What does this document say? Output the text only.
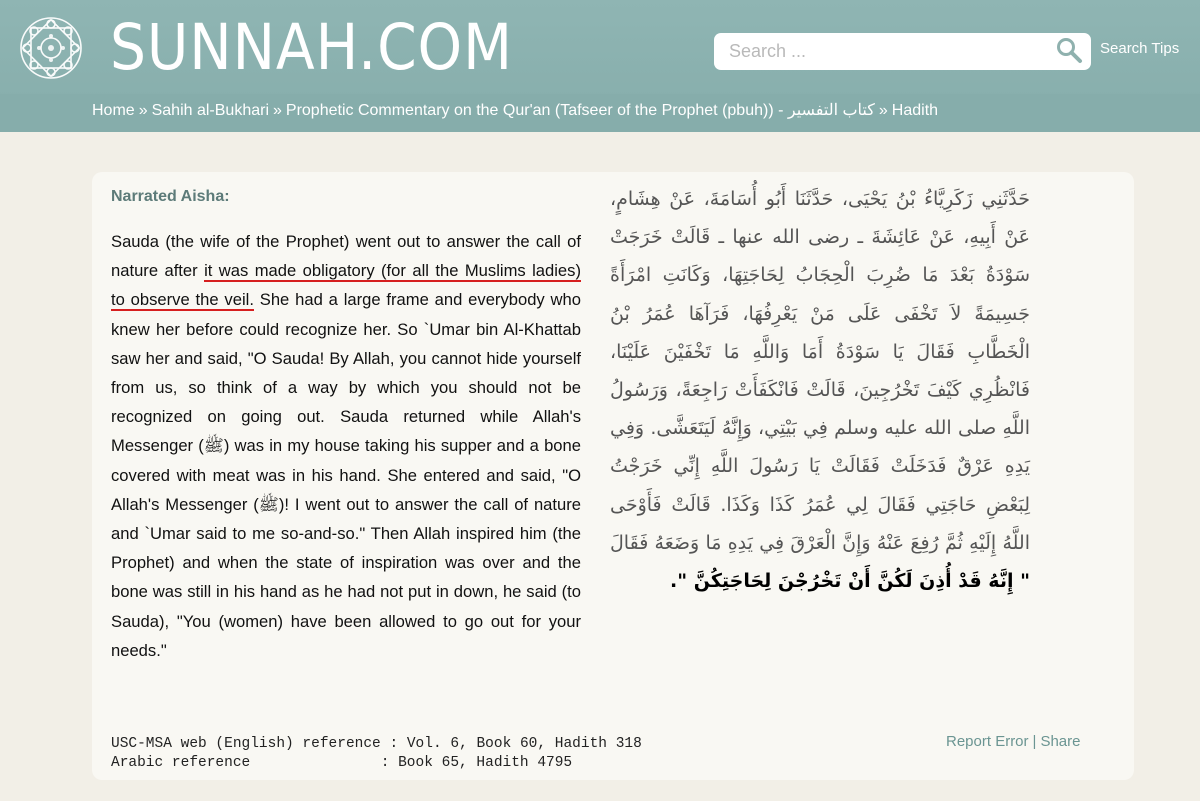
SUNNAH.COM
Search ...	Search Tips
Home » Sahih al-Bukhari » Prophetic Commentary on the Qur'an (Tafseer of the Prophet (pbuh)) - كتاب التفسير » Hadith
Narrated Aisha:
Sauda (the wife of the Prophet) went out to answer the call of nature after it was made obligatory (for all the Muslims ladies) to observe the veil. She had a large frame and everybody who knew her before could recognize her. So `Umar bin Al-Khattab saw her and said, "O Sauda! By Allah, you cannot hide yourself from us, so think of a way by which you should not be recognized on going out. Sauda returned while Allah's Messenger (ﷺ) was in my house taking his supper and a bone covered with meat was in his hand. She entered and said, "O Allah's Messenger (ﷺ)! I went out to answer the call of nature and `Umar said to me so-and-so." Then Allah inspired him (the Prophet) and when the state of inspiration was over and the bone was still in his hand as he had not put in down, he said (to Sauda), "You (women) have been allowed to go out for your needs."
حَدَّثَنِي زَكَرِيَّاءُ بْنُ يَحْيَى، حَدَّثَنَا أَبُو أُسَامَةَ، عَنْ هِشَامٍ، عَنْ أَبِيهِ، عَنْ عَائِشَةَ ـ رضى الله عنها ـ قَالَتْ خَرَجَتْ سَوْدَةُ بَعْدَ مَا ضُرِبَ الْحِجَابُ لِحَاجَتِهَا، وَكَانَتِ امْرَأَةً جَسِيمَةً لاَ تَخْفَى عَلَى مَنْ يَعْرِفُهَا، فَرَآهَا عُمَرُ بْنُ الْخَطَّابِ فَقَالَ يَا سَوْدَةُ أَمَا وَاللَّهِ مَا تَخْفَيْنَ عَلَيْنَا، فَانْظُرِي كَيْفَ تَخْرُجِينَ، قَالَتْ فَانْكَفَأَتْ رَاجِعَةً، وَرَسُولُ اللَّهِ صلى الله عليه وسلم فِي بَيْتِي، وَإِنَّهُ لَيَتَعَشَّى. وَفِي يَدِهِ عَرْقٌ فَدَخَلَتْ فَقَالَتْ يَا رَسُولَ اللَّهِ إِنِّي خَرَجْتُ لِبَعْضِ حَاجَتِي فَقَالَ لِي عُمَرُ كَذَا وَكَذَا. قَالَتْ فَأَوْحَى اللَّهُ إِلَيْهِ ثُمَّ رُفِعَ عَنْهُ وَإِنَّ الْعَرْقَ فِي يَدِهِ مَا وَضَعَهُ فَقَالَ " إِنَّهُ قَدْ أُذِنَ لَكُنَّ أَنْ تَخْرُجْنَ لِحَاجَتِكُنَّ ".
USC-MSA web (English) reference : Vol. 6, Book 60, Hadith 318
Arabic reference	: Book 65, Hadith 4795
Report Error | Share
